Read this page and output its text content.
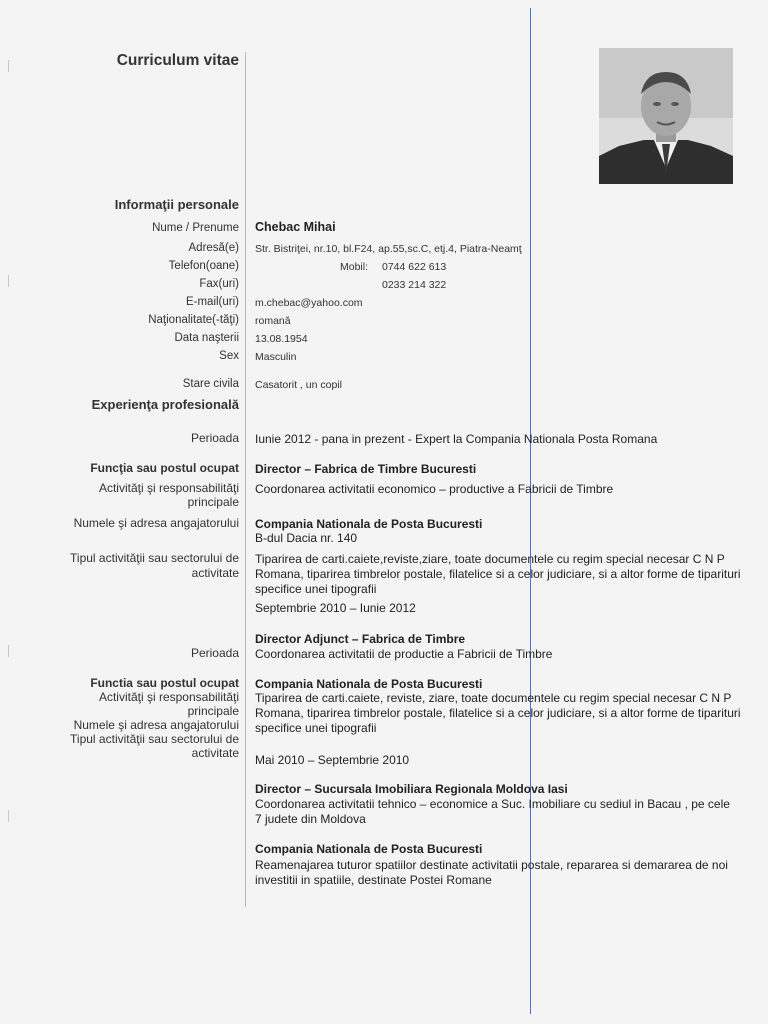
Curriculum vitae
Informaţii personale
Nume / Prenume Chebac Mihai
Adresă(e) Str. Bistriţei, nr.10, bl.F24, ap.55,sc.C, etj.4, Piatra-Neamţ
Telefon(oane)	Mobil: 0744 622 613
Fax(uri)	0233 214 322
E-mail(uri) m.chebac@yahoo.com
Naţionalitate(-tăţi) romană
Data naşterii 13.08.1954
Sex Masculin
Stare civila Casatorit , un copil
Experienţa profesională
Perioada Iunie 2012 - pana in prezent - Expert la Compania Nationala Posta Romana
Funcţia sau postul ocupat Director – Fabrica de Timbre Bucuresti
Activităţi şi responsabilităţi
principale
Coordonarea activitatii economico – productive a Fabricii de Timbre
Numele şi adresa angajatorului Compania Nationala de Posta Bucuresti
B-dul Dacia nr. 140
Tipul activităţii sau sectorului de
activitate
Tiparirea de carti.caiete,reviste,ziare, toate documentele cu regim special necesar C N P
Romana, tiparirea timbrelor postale, filatelice si a celor judiciare, si a altor forme de tiparituri
specifice unei tipografii
Septembrie 2010 – Iunie 2012
Director Adjunct – Fabrica de Timbre
Perioada Coordonarea activitatii de productie a Fabricii de Timbre
Functia sau postul ocupat
Activităţi şi responsabilităţi
principale
Numele şi adresa angajatorului
Tipul activităţii sau sectorului de
activitate
Compania Nationala de Posta Bucuresti
Tiparirea de carti.caiete, reviste, ziare, toate documentele cu regim special necesar C N P
Romana, tiparirea timbrelor postale, filatelice si a celor judiciare, si a altor forme de tiparituri
specifice unei tipografii
Mai 2010 – Septembrie 2010
Director – Sucursala Imobiliara Regionala Moldova Iasi
Coordonarea activitatii tehnico – economice a Suc. Imobiliare cu sediul in Bacau , pe cele
7 judete din Moldova
Compania Nationala de Posta Bucuresti
Reamenajarea tuturor spatiilor destinate activitatii postale, repararea si demararea de noi
investitii in spatiile, destinate Postei Romane
